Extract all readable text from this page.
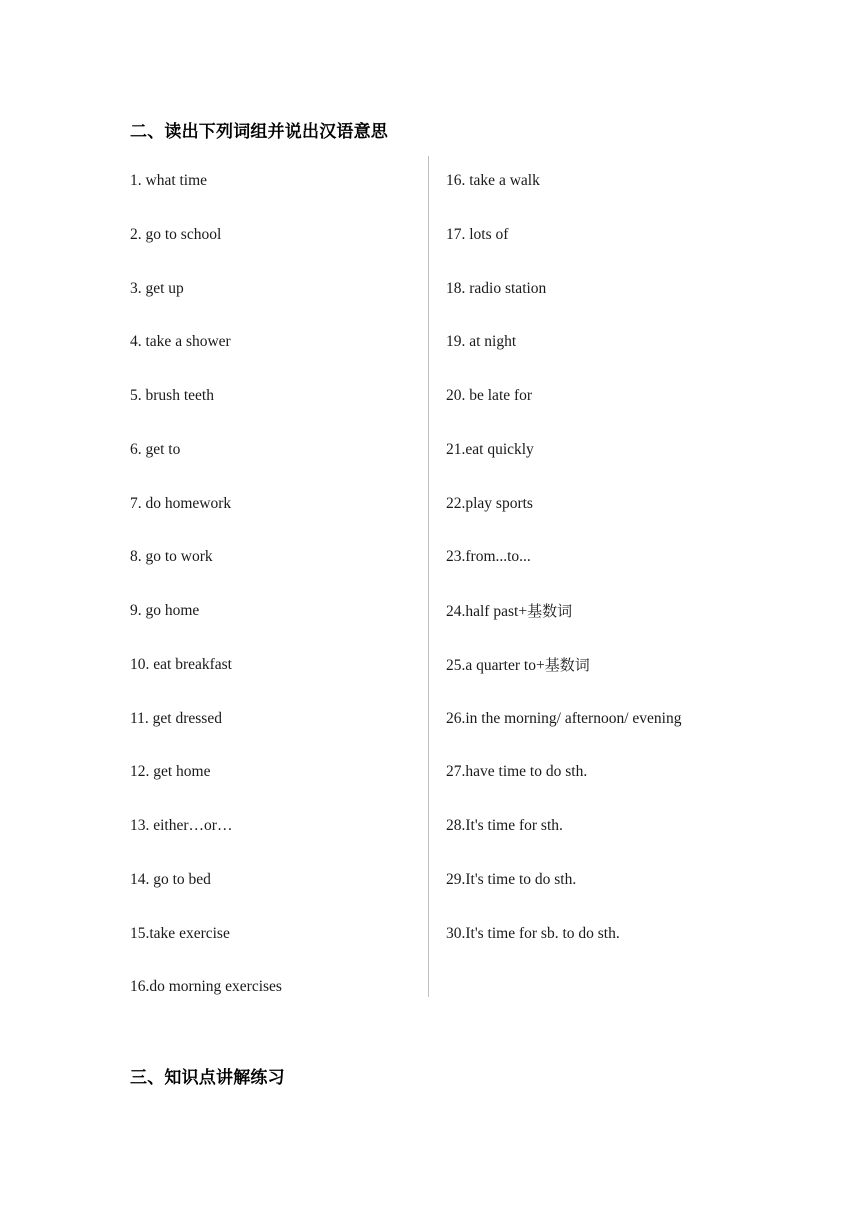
二、读出下列词组并说出汉语意思
1. what time
2. go to school
3. get up
4. take a shower
5. brush teeth
6. get to
7. do homework
8. go to work
9. go home
10. eat breakfast
11. get dressed
12. get home
13. either…or…
14. go to bed
15.take exercise
16.do morning exercises
16. take a walk
17. lots of
18. radio station
19. at night
20. be late for
21.eat quickly
22.play sports
23.from...to...
24.half past+基数词
25.a quarter to+基数词
26.in the morning/ afternoon/ evening
27.have time to do sth.
28.It's time for sth.
29.It's time to do sth.
30.It's time for sb. to do sth.
三、知识点讲解练习
